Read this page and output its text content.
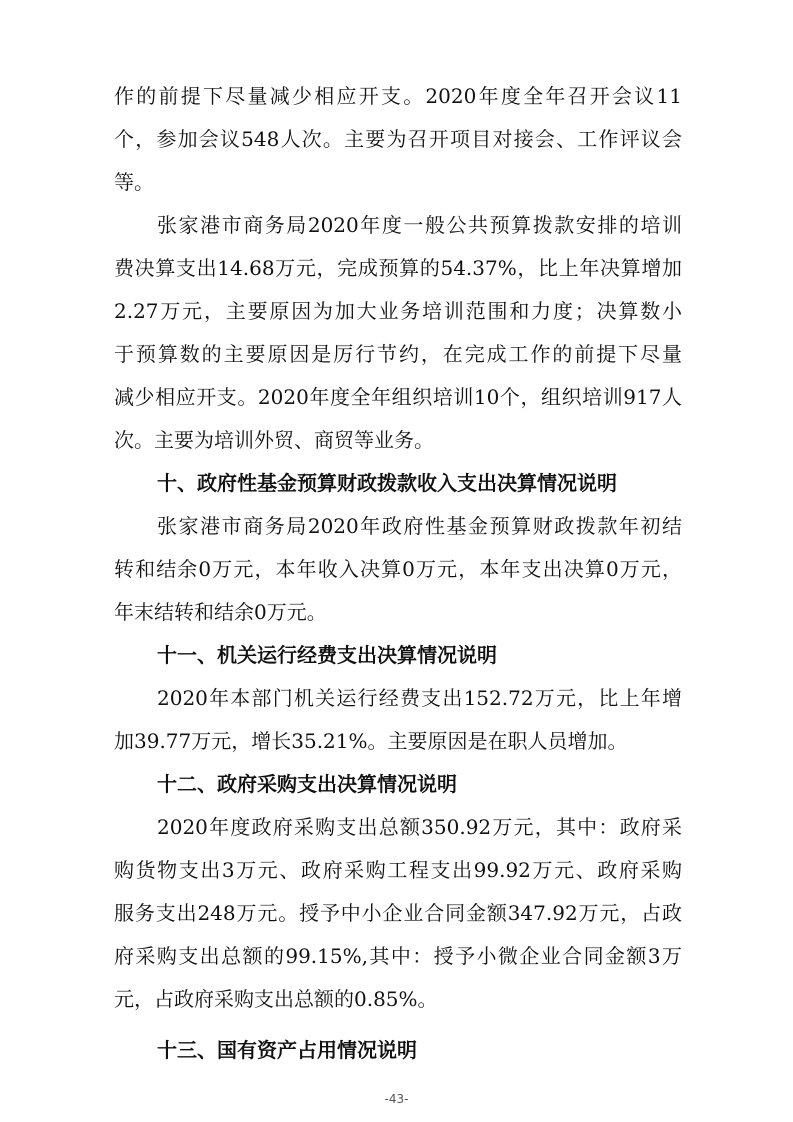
作的前提下尽量减少相应开支。2020年度全年召开会议11
个，参加会议548人次。主要为召开项目对接会、工作评议会
等。
张家港市商务局2020年度一般公共预算拨款安排的培训
费决算支出14.68万元，完成预算的54.37%，比上年决算增加
2.27万元，主要原因为加大业务培训范围和力度；决算数小
于预算数的主要原因是厉行节约，在完成工作的前提下尽量
减少相应开支。2020年度全年组织培训10个，组织培训917人
次。主要为培训外贸、商贸等业务。
十、政府性基金预算财政拨款收入支出决算情况说明
张家港市商务局2020年政府性基金预算财政拨款年初结
转和结余0万元，本年收入决算0万元，本年支出决算0万元，
年末结转和结余0万元。
十一、机关运行经费支出决算情况说明
2020年本部门机关运行经费支出152.72万元，比上年增
加39.77万元，增长35.21%。主要原因是在职人员增加。
十二、政府采购支出决算情况说明
2020年度政府采购支出总额350.92万元，其中：政府采
购货物支出3万元、政府采购工程支出99.92万元、政府采购
服务支出248万元。授予中小企业合同金额347.92万元，占政
府采购支出总额的99.15%,其中：授予小微企业合同金额3万
元，占政府采购支出总额的0.85%。
十三、国有资产占用情况说明
-43-
